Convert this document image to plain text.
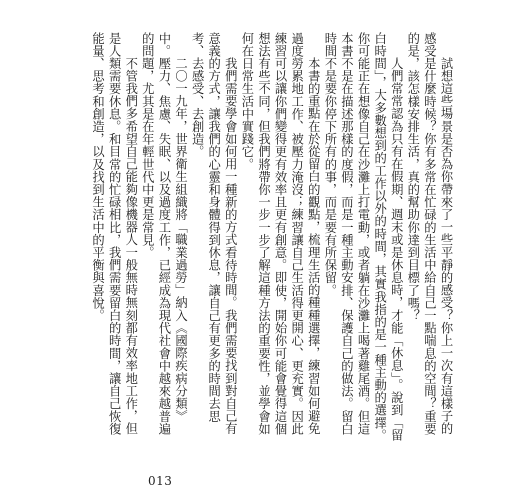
試想這些場景是否為你帶來了一些平靜的感受？你上一次有這樣子的感受是什麼時候？你有多常在忙碌的生活中給自己一點喘息的空間？重要的是，該怎樣安排生活，真的幫助你達到目標了嗎？

人們常常認為只有在假期、週末或是休息時，才能「休息」。說到「留白時間」，大多數想到的工作以外的時間，其實我指的是一種主動的選擇。你可能正在想像自己在沙灘上打電動，或者躺在沙灘上喝著雞尾酒。但這本書不是在描述那樣的度假，而是一種主動安排、保護自己的做法。留白時間不是要你停下所有的事，而是要有所保留。

本書的重點在於從留白的觀點，梳理生活的種種選擇，練習如何避免過度勞累地工作、被壓力淹沒；練習讓自己生活得更開心、更充實。因此練習可以讓你們變得更有效率且更有創意。即使，開始你可能會覺得這個想法有些不同，但我們將帶你一步一步了解這種方法的重要性，並學會如何在日常生活中實踐它。

我們需要學會如何用一種新的方式看待時間。我們需要找到對自己有意義的方式，讓我們的心靈和身體得到休息，讓自己有更多的時間去思考、去感受、去創造。

二〇一九年，世界衛生組織將「職業過勞」納入《國際疾病分類》中。壓力、焦慮、失眠、以及過度工作，已經成為現代社會中越來越普遍的問題，尤其是在年輕世代中更是常見。

不管我們多希望自己能夠像機器人一般無時無刻都有效率地工作，但是人類需要休息。和目常的忙碌相比，我們需要留白的時間，讓自己恢復能量、思考和創造，以及找到生活中的平衡與喜悅。

013
